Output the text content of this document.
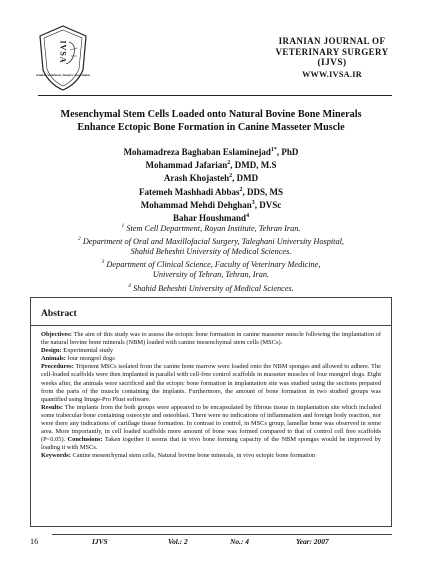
IVSA
Iranian Veterinary Surgery Association
IRANIAN JOURNAL OF
VETERINARY SURGERY
(IJVS)
WWW.IVSA.IR
Mesenchymal Stem Cells Loaded onto Natural Bovine Bone Minerals
Enhance Ectopic Bone Formation in Canine Masseter Muscle
Mohamadreza Baghaban Eslaminejad$^{1*}$, PhD
Mohammad Jafarian$^2$, DMD, M.S
Arash Khojasteh$^2$, DMD
Fatemeh Mashhadi Abbas$^2$, DDS, MS
Mohammad Mehdi Dehghan$^3$, DVSc
Bahar Houshmand$^4$
$^1$ Stem Cell Department, Royan Institute, Tehran Iran.
$^2$ Department of Oral and Maxillofacial Surgery, Taleghani University Hospital,
Shahid Beheshti University of Medical Sciences.
$^3$ Department of Clinical Science, Faculty of Veterinary Medicine,
University of Tehran, Tehran, Iran.
$^4$ Shahid Beheshti University of Medical Sciences.
Abstract

Objectives: The aim of this study was to assess the ectopic bone formation in canine masseter muscle following the implantation of the natural bovine bone minerals (NBM) loaded with canine mesenchymal stem cells (MSCs).

Design: Experimental study

Animals: four mongrel dogs

Procedures: Tripotent MSCs isolated from the canine bone marrow were loaded onto the NBM sponges and allowed to adhere. The cell-loaded scaffolds were then implanted in parallel with cell-free control scaffolds in masseter muscles of four mongrel dogs. Eight weeks after, the animals were sacrificed and the ectopic bone formation in implantation site was studied using the sections prepared from the parts of the muscle containing the implants. Furthermore, the amount of bone formation in two studied groups was quantified using Image-Pro Plust software.

Results: The implants from the both groups were appeared to be encapsulated by fibrous tissue in implantation site which included some trabecular bone containing osteocyte and osteoblast. There were no indications of inflammation and foreign body reaction, nor were there any indications of cartilage tissue formation. In contrast to control, in MSCs group, lamellar bone was observed in some area. More importantly, in cell loaded scaffolds more amount of bone was formed compared to that of control cell free scaffolds (P<0.05). Conclusions: Taken together it seems that in vivo bone forming capacity of the NBM sponges would be improved by loading it with MSCs.

Keywords: Canine mesenchymal stem cells, Natural bovine bone minerals, in vivo ectopic bone formation

16	IJVS	Vol.: 2	No.: 4	Year: 2007
